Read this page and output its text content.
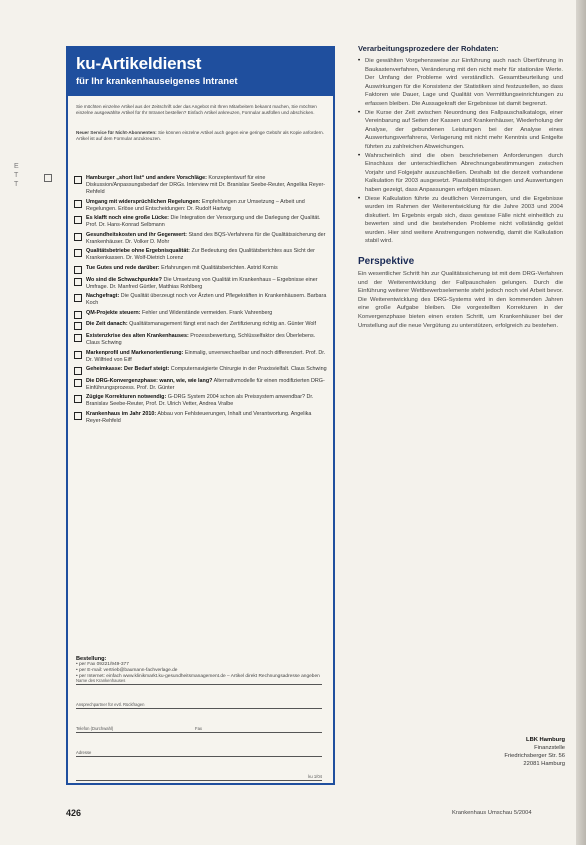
E
T
T
ku-Artikeldienst
für Ihr krankenhauseigenes Intranet
Sie möchten einzelne Artikel aus der Zeitschrift oder das Angebot mit Ihren Mitarbeitern bekannt machen, Sie möchten einzelne ausgewählte Artikel für Ihr Intranet bestellen? Einfach Artikel ankreuzen, Formular ausfüllen und abschicken.
Neuer Service für Nicht-Abonnenten: Sie können einzelne Artikel auch gegen eine geringe Gebühr als Kopie anfordern. Artikel ist auf dem Formular anzukreuzen.
Hamburger „short list“ und andere Vorschläge: Konzeptentwurf für eine Diskussion/Anpassungsbedarf der DRGs. Interview mit Dr. Branislav Seebe-Reuter, Angelika Reyer-Rehfeld
Umgang mit widersprüchlichen Regelungen: Empfehlungen zur Umsetzung – Arbeit und Regelungen. Erlöse und Entscheidungen: Dr. Rudolf Hartwig
Es klafft noch eine große Lücke: Die Integration der Versorgung und die Darlegung der Qualität. Prof. Dr. Hans-Konrad Selbmann
Gesundheitskosten und ihr Gegenwert: Stand des BQS-Verfahrens für die Qualitätssicherung der Krankenhäuser. Dr. Volker D. Mohr
Qualitätsbetriebe ohne Ergebnisqualität: Zur Bedeutung des Qualitätsberichtes aus Sicht der Krankenkassen. Dr. Wolf-Dietrich Lorenz
Tue Gutes und rede darüber: Erfahrungen mit Qualitätsberichten. Astrid Kornis
Wo sind die Schwachpunkte? Die Umsetzung von Qualität im Krankenhaus – Ergebnisse einer Umfrage. Dr. Manfred Gürtler, Matthias Rohlberg
Nachgefragt: Die Qualität überzeugt noch vor Ärzten und Pflegekräften in Krankenhäusern. Barbara Koch
QM-Projekte steuern: Fehler und Widerstände vermeiden. Frank Vahrenberg
Die Zeit danach: Qualitätsmanagement fängt erst nach der Zertifizierung richtig an. Günter Wolf
Existenzkrise des alten Krankenhauses: Prozessbewertung, Schlüsselfaktor des Überlebens. Claus Schwing
Markenprofil und Markenorientierung: Einmalig, unverwechselbar und noch differenziert. Prof. Dr. Dr. Wilfried von Eiff
Geheimkasse: Der Bedarf steigt: Computernavigierte Chirurgie in der Praxisvielfalt. Claus Schwing
Die DRG-Konvergenzphase: wann, wie, wie lang? Alternativmodelle für einen modifizierten DRG-Einführungsprozess. Prof. Dr. Günter
Zügige Korrekturen notwendig: G-DRG System 2004 schon als Preissystem anwendbar? Dr. Branislav Seebe-Reuter, Prof. Dr. Ulrich Vetter, Andrea Vralbe
Krankenhaus im Jahr 2010: Abbau von Fehlsteuerungen, Inhalt und Verantwortung. Angelika Reyer-Rehfeld
Bestellung:
• per Fax 09221/949-377
• per E-mail: vertrieb@baumann-fachverlage.de
• per Internet: einfach www.klinikmarkt.ku-gesundheitsmanagement.de – Artikel direkt Rechnungsadresse angeben
Name des Krankenhauses
Ansprechpartner für evtl. Rückfragen
Telefon (Durchwahl)	Fax
Adresse
ku 1/04
Verarbeitungsprozedere der Rohdaten:
• Die gewählten Vorgehensweise zur Einführung auch nach Überführung in Baukastenverfahren, Veränderung mit den nicht mehr für stationäre Werte. Der Umfang der Probleme wird verständlich. Gesamtbeurteilung und Auswirkungen für die Konsistenz der Statistiken sind festzustellen, so dass Faktoren wie Dauer, Lage und Qualität von Vermittlungseinrichtungen zu erfassen bleiben. Die Aussagekraft der Ergebnisse ist damit begrenzt.
• Die Kurse der Zeit zwischen Neuordnung des Fallpauschalkatalogs, einer Vereinbarung auf Seiten der Kassen und Krankenhäuser, Wiederholung der Analyse, der gebundenen Leistungen bei der Analyse eines Auswertungsverfahrens, Verlagerung mit nicht mehr Kenntnis und Entgelte führten zu zahlreichen Abweichungen.
• Wahrscheinlich sind die oben beschriebenen Anforderungen durch Einschluss der unterschiedlichen Abrechnungsbestimmungen zwischen Vorjahr und Folgejahr auszuschließen. Deshalb ist die derzeit vorhandene Kalkulation für 2003 ausgesetzt. Plausibilitätsprüfungen und Auswertungen haben gezeigt, dass Anpassungen erfolgen müssen.
• Diese Kalkulation führte zu deutlichen Verzerrungen, und die Ergebnisse wurden im Rahmen der Weiterentwicklung für die Jahre 2003 und 2004 diskutiert. Im Ergebnis ergab sich, dass gewisse Fälle nicht einheitlich zu bewerten sind und die bestehenden Probleme nicht vollständig gelöst wurden. Hier sind weitere Anstrengungen notwendig, damit die Kalkulation stabil wird.
Perspektive
Ein wesentlicher Schritt hin zur Qualitätssicherung ist mit dem DRG-Verfahren und der Weiterentwicklung der Fallpauschalen gelungen. Durch die Einführung weiterer Wettbewerbselemente steht jedoch noch viel Arbeit bevor. Die Weiterentwicklung des DRG-Systems wird in den kommenden Jahren eine große Aufgabe bleiben. Die vorgestellten Korrekturen in der Konvergenzphase bieten einen ersten Schritt, um Krankenhäuser bei der Umstellung auf die neue Vergütung zu unterstützen, erfolgreich zu bestehen.
LBK Hamburg
Finanzstelle
Friedrichsberger Str. 56
22081 Hamburg
426	Krankenhaus Umschau 5/2004
